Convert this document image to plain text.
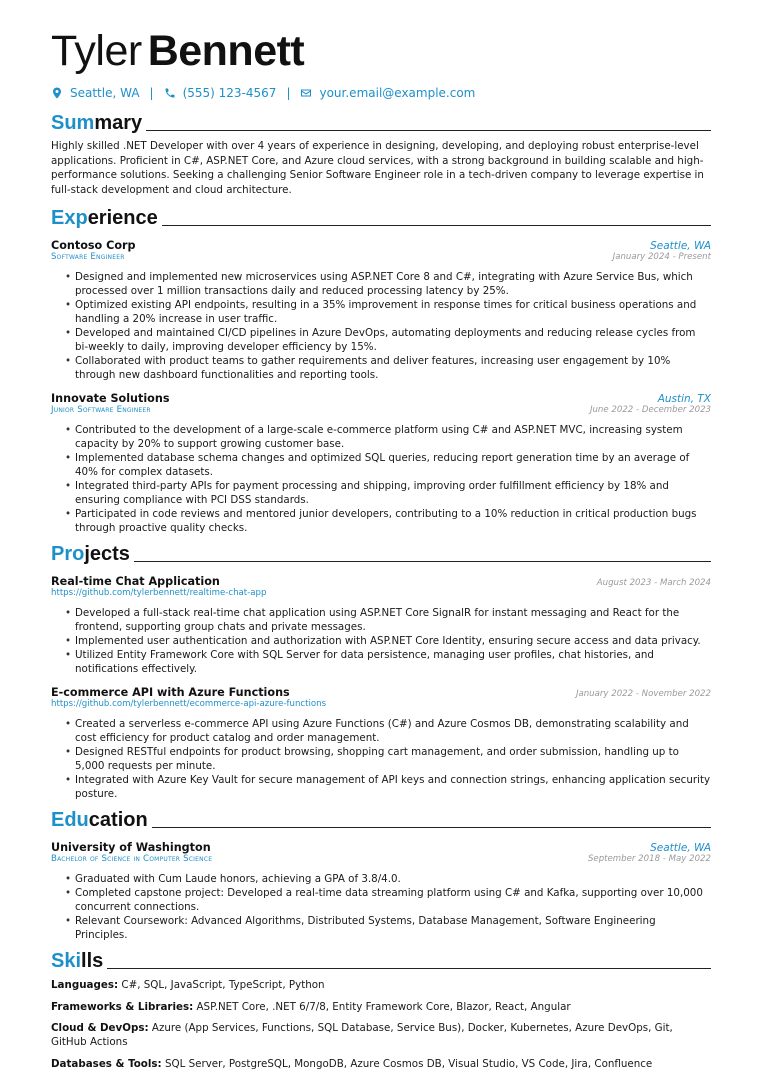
Tyler Bennett
Seattle, WA | (555) 123-4567 | your.email@example.com
Summary

Highly skilled .NET Developer with over 4 years of experience in designing, developing, and deploying robust enterprise-level applications. Proficient in C#, ASP.NET Core, and Azure cloud services, with a strong background in building scalable and high-performance solutions. Seeking a challenging Senior Software Engineer role in a tech-driven company to leverage expertise in full-stack development and cloud architecture.

Experience
Contoso Corp	Seattle, WA
Software Engineer	January 2024 - Present
• Designed and implemented new microservices using ASP.NET Core 8 and C#, integrating with Azure Service Bus, which processed over 1 million transactions daily and reduced processing latency by 25%.
• Optimized existing API endpoints, resulting in a 35% improvement in response times for critical business operations and handling a 20% increase in user traffic.
• Developed and maintained CI/CD pipelines in Azure DevOps, automating deployments and reducing release cycles from bi-weekly to daily, improving developer efficiency by 15%.
• Collaborated with product teams to gather requirements and deliver features, increasing user engagement by 10% through new dashboard functionalities and reporting tools.
Innovate Solutions	Austin, TX
Junior Software Engineer	June 2022 - December 2023
• Contributed to the development of a large-scale e-commerce platform using C# and ASP.NET MVC, increasing system capacity by 20% to support growing customer base.
• Implemented database schema changes and optimized SQL queries, reducing report generation time by an average of 40% for complex datasets.
• Integrated third-party APIs for payment processing and shipping, improving order fulfillment efficiency by 18% and ensuring compliance with PCI DSS standards.
• Participated in code reviews and mentored junior developers, contributing to a 10% reduction in critical production bugs through proactive quality checks.
Projects
Real-time Chat Application	August 2023 - March 2024
https://github.com/tylerbennett/realtime-chat-app
• Developed a full-stack real-time chat application using ASP.NET Core SignalR for instant messaging and React for the frontend, supporting group chats and private messages.
• Implemented user authentication and authorization with ASP.NET Core Identity, ensuring secure access and data privacy.
• Utilized Entity Framework Core with SQL Server for data persistence, managing user profiles, chat histories, and notifications effectively.
E-commerce API with Azure Functions	January 2022 - November 2022
https://github.com/tylerbennett/ecommerce-api-azure-functions
• Created a serverless e-commerce API using Azure Functions (C#) and Azure Cosmos DB, demonstrating scalability and cost efficiency for product catalog and order management.
• Designed RESTful endpoints for product browsing, shopping cart management, and order submission, handling up to 5,000 requests per minute.
• Integrated with Azure Key Vault for secure management of API keys and connection strings, enhancing application security posture.
Education
University of Washington	Seattle, WA
Bachelor of Science in Computer Science	September 2018 - May 2022
• Graduated with Cum Laude honors, achieving a GPA of 3.8/4.0.
• Completed capstone project: Developed a real-time data streaming platform using C# and Kafka, supporting over 10,000 concurrent connections.
• Relevant Coursework: Advanced Algorithms, Distributed Systems, Database Management, Software Engineering Principles.
Skills
Languages: C#, SQL, JavaScript, TypeScript, Python
Frameworks & Libraries: ASP.NET Core, .NET 6/7/8, Entity Framework Core, Blazor, React, Angular
Cloud & DevOps: Azure (App Services, Functions, SQL Database, Service Bus), Docker, Kubernetes, Azure DevOps, Git, GitHub Actions
Databases & Tools: SQL Server, PostgreSQL, MongoDB, Azure Cosmos DB, Visual Studio, VS Code, Jira, Confluence
